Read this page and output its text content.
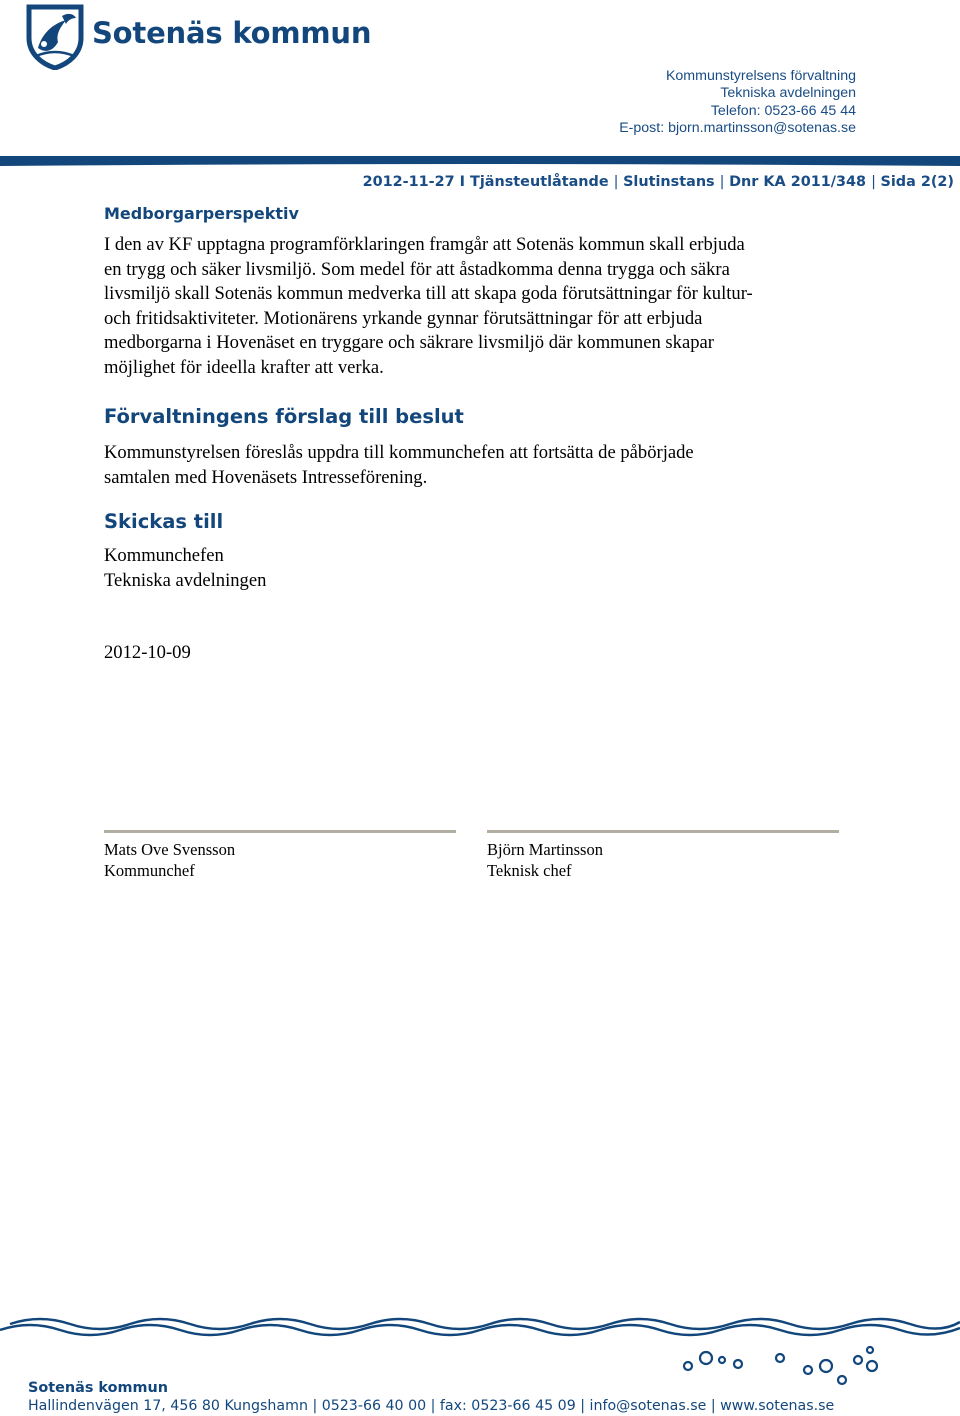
Sotenäs kommun
Kommunstyrelsens förvaltning
Tekniska avdelningen
Telefon: 0523-66 45 44
E-post: bjorn.martinsson@sotenas.se
2012-11-27 I Tjänsteutlåtande | Slutinstans | Dnr KA 2011/348 | Sida 2(2)
Medborgarperspektiv

I den av KF upptagna programförklaringen framgår att Sotenäs kommun skall erbjuda
en trygg och säker livsmiljö. Som medel för att åstadkomma denna trygga och säkra
livsmiljö skall Sotenäs kommun medverka till att skapa goda förutsättningar för kultur-
och fritidsaktiviteter. Motionärens yrkande gynnar förutsättningar för att erbjuda
medborgarna i Hovenäset en tryggare och säkrare livsmiljö där kommunen skapar
möjlighet för ideella krafter att verka.

Förvaltningens förslag till beslut

Kommunstyrelsen föreslås uppdra till kommunchefen att fortsätta de påbörjade
samtalen med Hovenäsets Intresseförening.

Skickas till

Kommunchefen
Tekniska avdelningen

2012-10-09
Mats Ove Svensson
Kommunchef
Björn Martinsson
Teknisk chef
Sotenäs kommun
Hallindenvägen 17, 456 80 Kungshamn | 0523-66 40 00 | fax: 0523-66 45 09 | info@sotenas.se | www.sotenas.se
